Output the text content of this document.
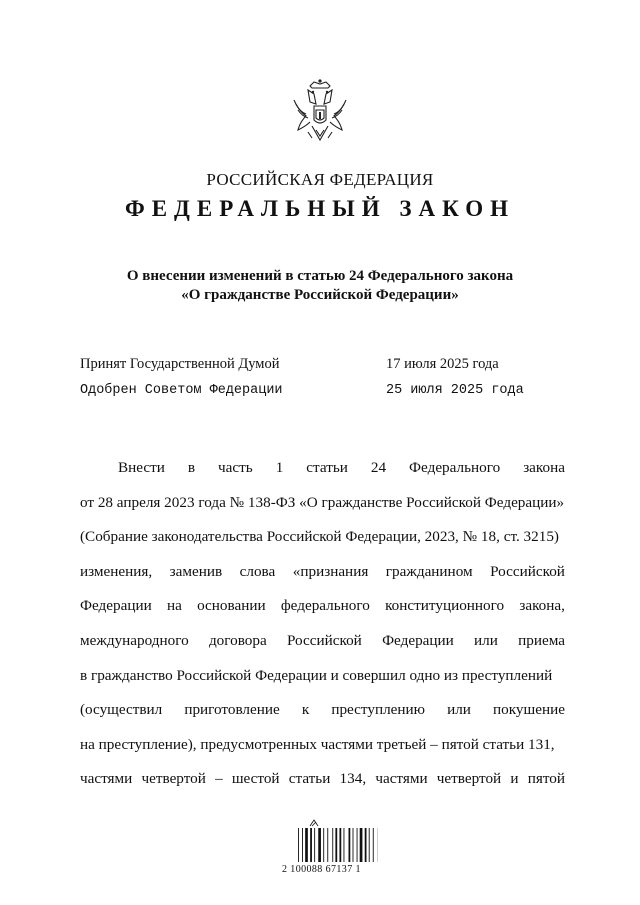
РОССИЙСКАЯ ФЕДЕРАЦИЯ
ФЕДЕРАЛЬНЫЙ ЗАКОН
О внесении изменений в статью 24 Федерального закона
«О гражданстве Российской Федерации»
Принят Государственной Думой	17 июля 2025 года
Одобрен Советом Федерации	25 июля 2025 года
Внести в часть 1 статьи 24 Федерального закона
от 28 апреля 2023 года № 138-ФЗ «О гражданстве Российской Федерации»
(Собрание законодательства Российской Федерации, 2023, № 18, ст. 3215)
изменения, заменив слова «признания гражданином Российской
Федерации на основании федерального конституционного закона,
международного договора Российской Федерации или приема
в гражданство Российской Федерации и совершил одно из преступлений
(осуществил приготовление к преступлению или покушение
на преступление), предусмотренных частями третьей – пятой статьи 131,
частями четвертой – шестой статьи 134, частями четвертой и пятой
2 100088 67137 1
